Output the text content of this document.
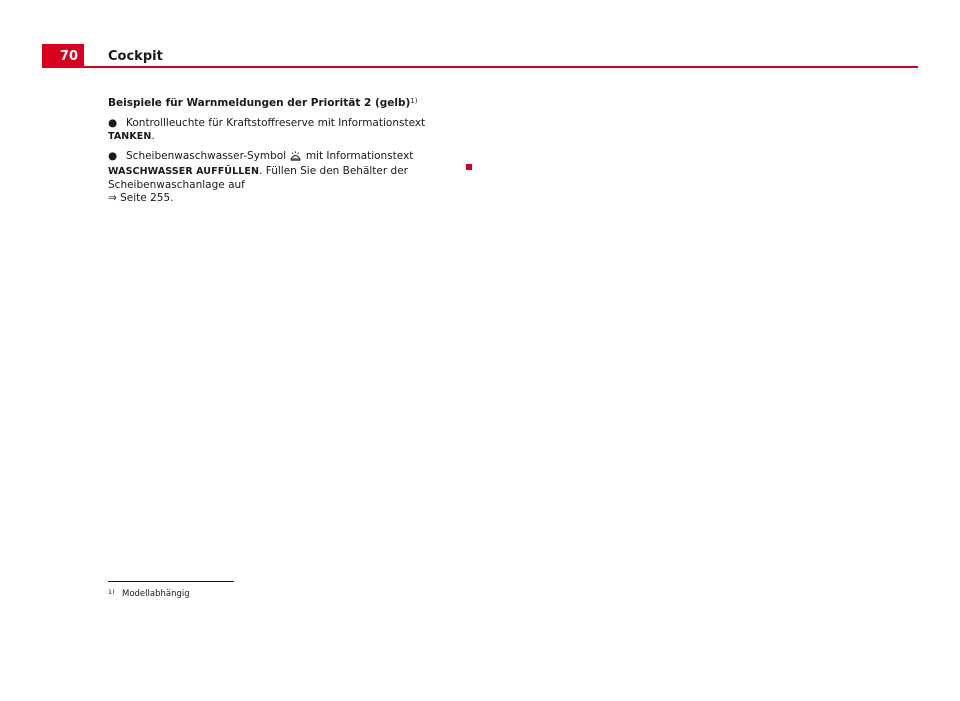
70	Cockpit
Beispiele für Warnmeldungen der Priorität 2 (gelb)$^{1)}$
● Kontrollleuchte für Kraftstoffreserve mit Informationstext TANKEN.
● Scheibenwaschwasser-Symbol mit Informationstext WASCHWASSER AUFFÜLLEN. Füllen Sie den Behälter der Scheibenwaschanlage auf
⇒ Seite 255.
1) Modellabhängig
